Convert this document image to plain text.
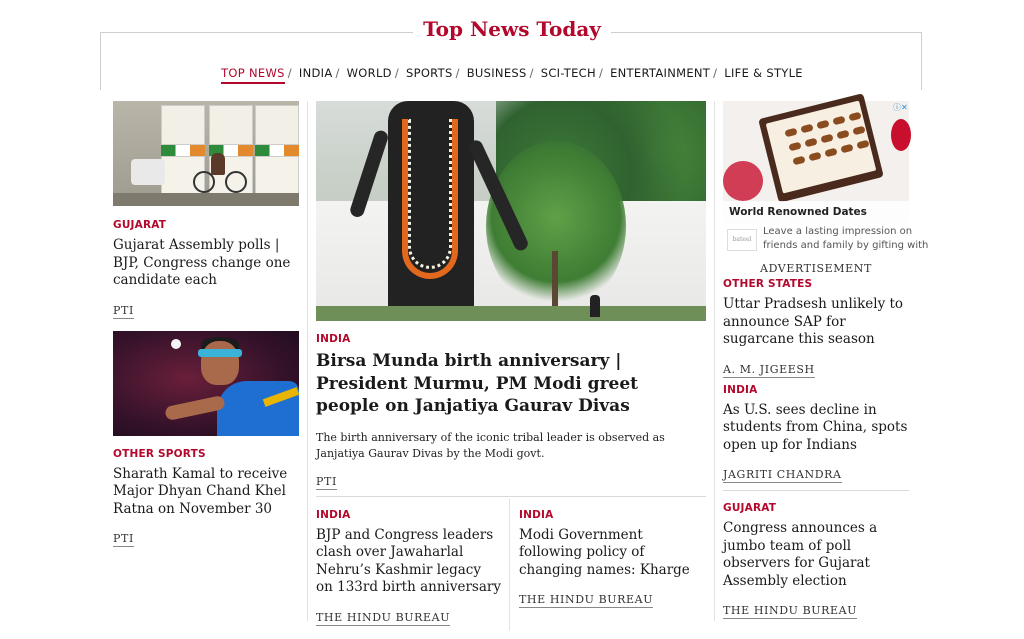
Top News Today
TOP NEWS / INDIA / WORLD / SPORTS / BUSINESS / SCI-TECH / ENTERTAINMENT / LIFE & STYLE
GUJARAT
Gujarat Assembly polls | BJP, Congress change one candidate each
PTI
OTHER SPORTS
Sharath Kamal to receive Major Dhyan Chand Khel Ratna on November 30
PTI
INDIA
Birsa Munda birth anniversary | President Murmu, PM Modi greet people on Janjatiya Gaurav Divas
The birth anniversary of the iconic tribal leader is observed as Janjatiya Gaurav Divas by the Modi govt.
PTI
INDIA
BJP and Congress leaders clash over Jawaharlal Nehru’s Kashmir legacy on 133rd birth anniversary
THE HINDU BUREAU
INDIA
Modi Government following policy of changing names: Kharge
THE HINDU BUREAU
ⓘ✕
World Renowned Dates
bateel
Leave a lasting impression on
friends and family by gifting with
ADVERTISEMENT
OTHER STATES
Uttar Pradsesh unlikely to announce SAP for sugarcane this season
A. M. JIGEESH
INDIA
As U.S. sees decline in students from China, spots open up for Indians
JAGRITI CHANDRA
GUJARAT
Congress announces a jumbo team of poll observers for Gujarat Assembly election
THE HINDU BUREAU
